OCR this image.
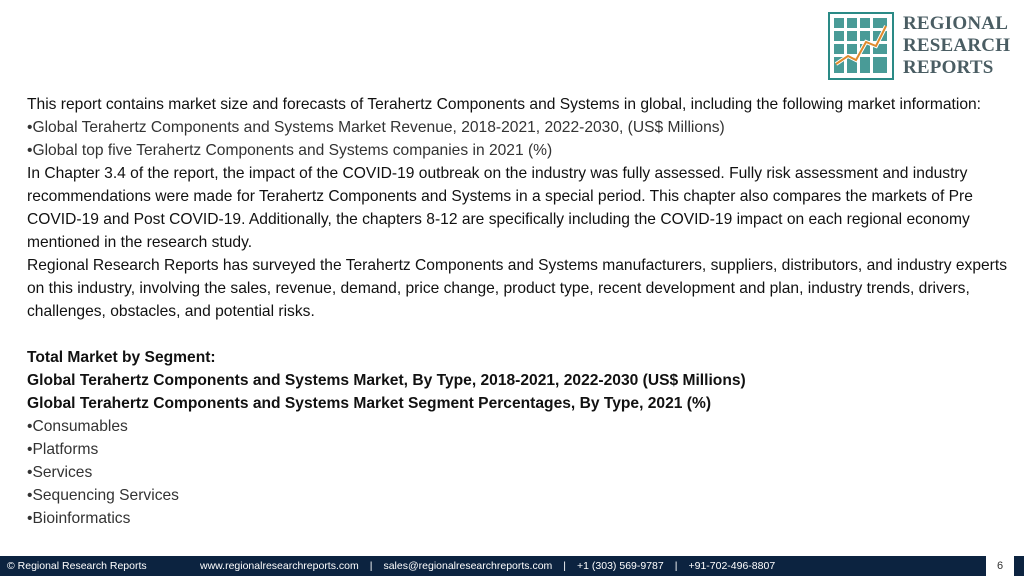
REGIONAL
RESEARCH
REPORTS

This report contains market size and forecasts of Terahertz Components and Systems in global, including the following market information:

•Global Terahertz Components and Systems Market Revenue, 2018-2021, 2022-2030, (US$ Millions)

•Global top five Terahertz Components and Systems companies in 2021 (%)

In Chapter 3.4 of the report, the impact of the COVID-19 outbreak on the industry was fully assessed. Fully risk assessment and industry recommendations were made for Terahertz Components and Systems in a special period. This chapter also compares the markets of Pre COVID-19 and Post COVID-19. Additionally, the chapters 8-12 are specifically including the COVID-19 impact on each regional economy mentioned in the research study.

Regional Research Reports has surveyed the Terahertz Components and Systems manufacturers, suppliers, distributors, and industry experts on this industry, involving the sales, revenue, demand, price change, product type, recent development and plan, industry trends, drivers, challenges, obstacles, and potential risks.

Total Market by Segment:

Global Terahertz Components and Systems Market, By Type, 2018-2021, 2022-2030 (US$ Millions)

Global Terahertz Components and Systems Market Segment Percentages, By Type, 2021 (%)

•Consumables

•Platforms

•Services

•Sequencing Services

•Bioinformatics

© Regional Research Reports	www.regionalresearchreports.com | sales@regionalresearchreports.com | +1 (303) 569-9787 | +91-702-496-8807	6
